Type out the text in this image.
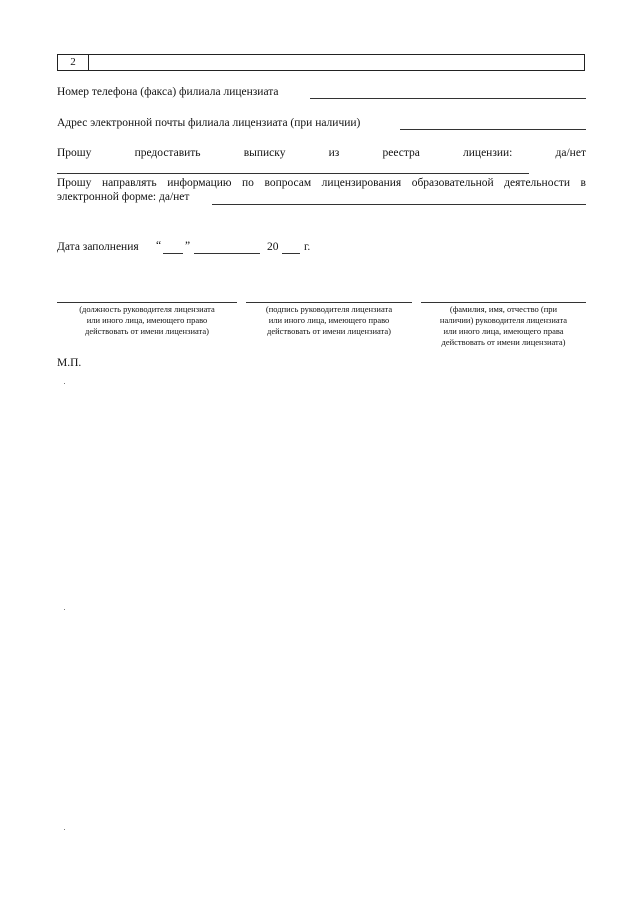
2
Номер телефона (факса) филиала лицензиата
Адрес электронной почты филиала лицензиата (при наличии)
Прошу	предоставить	выписку	из	реестра	лицензии:	да/нет
Прошу направлять информацию по вопросам лицензирования образовательной деятельности в
электронной форме: да/нет
Дата заполнения “ ”	20 г.
(должность руководителя лицензиата
или иного лица, имеющего право
действовать от имени лицензиата)
(подпись руководителя лицензиата
или иного лица, имеющего право
действовать от имени лицензиата)
(фамилия, имя, отчество (при
наличии) руководителя лицензиата
или иного лица, имеющего права
действовать от имени лицензиата)
М.П.
